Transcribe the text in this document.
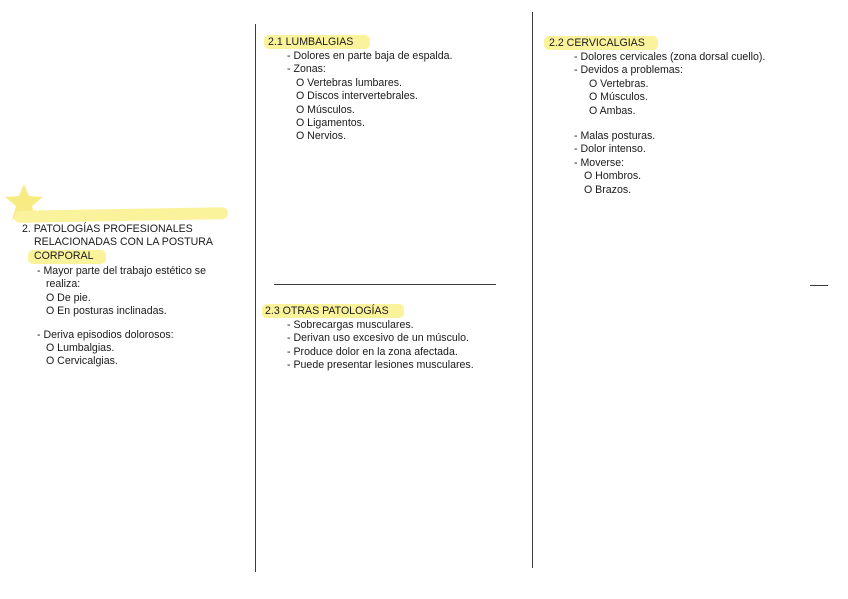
2. PATOLOGÍAS PROFESIONALES
RELACIONADAS CON LA POSTURA
CORPORAL
- Mayor parte del trabajo estético se
realiza:
O De pie.
O En posturas inclinadas.
- Deriva episodios dolorosos:
O Lumbalgias.
O Cervicalgias.
2.1 LUMBALGIAS
- Dolores en parte baja de espalda.
- Zonas:
O Vertebras lumbares.
O Discos intervertebrales.
O Músculos.
O Ligamentos.
O Nervios.
2.3 OTRAS PATOLOGÍAS
- Sobrecargas musculares.
- Derivan uso excesivo de un músculo.
- Produce dolor en la zona afectada.
- Puede presentar lesiones musculares.
2.2 CERVICALGIAS
- Dolores cervicales (zona dorsal cuello).
- Devidos a problemas:
O Vertebras.
O Músculos.
O Ambas.
- Malas posturas.
- Dolor intenso.
- Moverse:
O Hombros.
O Brazos.
